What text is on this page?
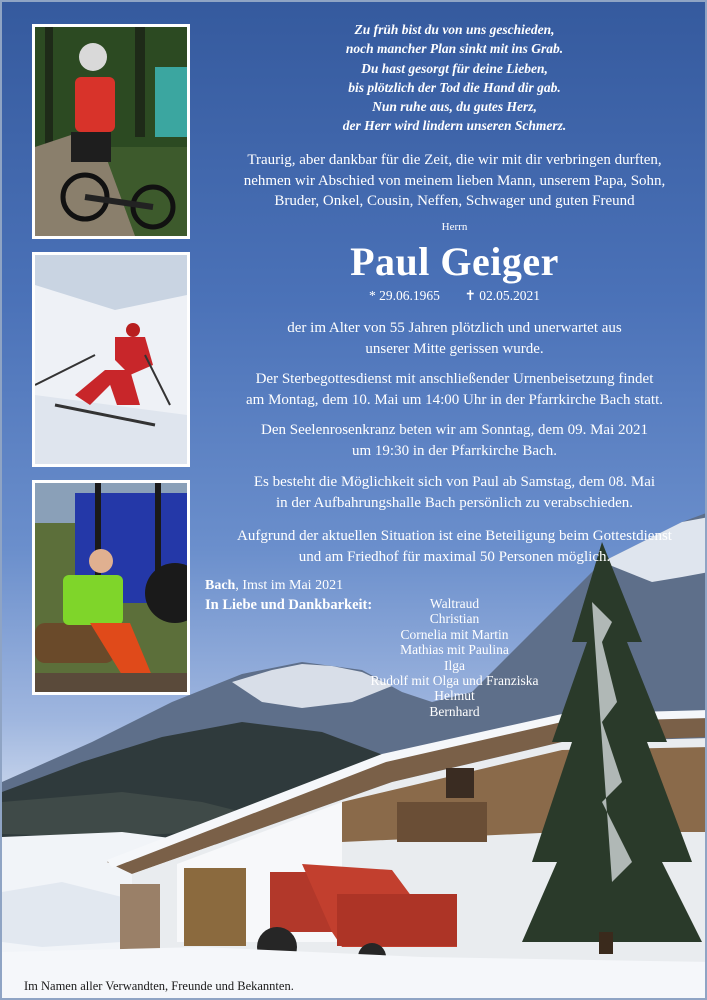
Zu früh bist du von uns geschieden,
noch mancher Plan sinkt mit ins Grab.
Du hast gesorgt für deine Lieben,
bis plötzlich der Tod die Hand dir gab.
Nun ruhe aus, du gutes Herz,
der Herr wird lindern unseren Schmerz.
Traurig, aber dankbar für die Zeit, die wir mit dir verbringen durften,
nehmen wir Abschied von meinem lieben Mann, unserem Papa, Sohn,
Bruder, Onkel, Cousin, Neffen, Schwager und guten Freund
Herrn
Paul Geiger
* 29.06.1965 ✝ 02.05.2021
der im Alter von 55 Jahren plötzlich und unerwartet aus
unserer Mitte gerissen wurde.
Der Sterbegottesdienst mit anschließender Urnenbeisetzung findet
am Montag, dem 10. Mai um 14:00 Uhr in der Pfarrkirche Bach statt.
Den Seelenrosenkranz beten wir am Sonntag, dem 09. Mai 2021
um 19:30 in der Pfarrkirche Bach.
Es besteht die Möglichkeit sich von Paul ab Samstag, dem 08. Mai
in der Aufbahrungshalle Bach persönlich zu verabschieden.
Aufgrund der aktuellen Situation ist eine Beteiligung beim Gottestdienst
und am Friedhof für maximal 50 Personen möglich.
Bach, Imst im Mai 2021
In Liebe und Dankbarkeit:	Waltraud
Christian
Cornelia mit Martin
Mathias mit Paulina
Ilga
Rudolf mit Olga und Franziska
Helmut
Bernhard
Im Namen aller Verwandten, Freunde und Bekannten.
